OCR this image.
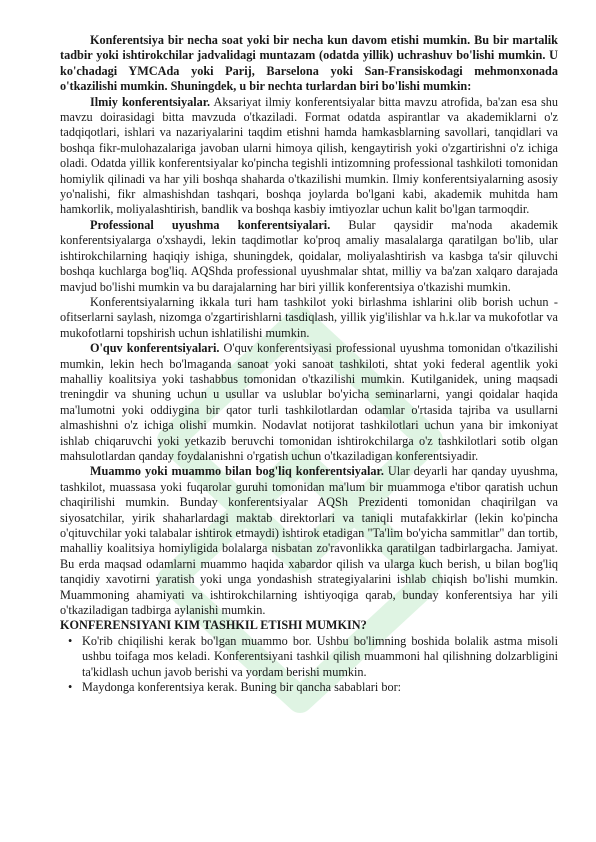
Konferentsiya bir necha soat yoki bir necha kun davom etishi mumkin. Bu bir martalik tadbir yoki ishtirokchilar jadvalidagi muntazam (odatda yillik) uchrashuv bo'lishi mumkin. U ko'chadagi YMCAda yoki Parij, Barselona yoki San-Fransiskodagi mehmonxonada o'tkazilishi mumkin. Shuningdek, u bir nechta turlardan biri bo'lishi mumkin:

Ilmiy konferentsiyalar. Aksariyat ilmiy konferentsiyalar bitta mavzu atrofida, ba'zan esa shu mavzu doirasidagi bitta mavzuda o'tkaziladi. Format odatda aspirantlar va akademiklarni o'z tadqiqotlari, ishlari va nazariyalarini taqdim etishni hamda hamkasblarning savollari, tanqidlari va boshqa fikr-mulohazalariga javoban ularni himoya qilish, kengaytirish yoki o'zgartirishni o'z ichiga oladi. Odatda yillik konferentsiyalar ko'pincha tegishli intizomning professional tashkiloti tomonidan homiylik qilinadi va har yili boshqa shaharda o'tkazilishi mumkin. Ilmiy konferentsiyalarning asosiy yo'nalishi, fikr almashishdan tashqari, boshqa joylarda bo'lgani kabi, akademik muhitda ham hamkorlik, moliyalashtirish, bandlik va boshqa kasbiy imtiyozlar uchun kalit bo'lgan tarmoqdir.

Professional uyushma konferentsiyalari. Bular qaysidir ma'noda akademik konferentsiyalarga o'xshaydi, lekin taqdimotlar ko'proq amaliy masalalarga qaratilgan bo'lib, ular ishtirokchilarning haqiqiy ishiga, shuningdek, qoidalar, moliyalashtirish va kasbga ta'sir qiluvchi boshqa kuchlarga bog'liq. AQShda professional uyushmalar shtat, milliy va ba'zan xalqaro darajada mavjud bo'lishi mumkin va bu darajalarning har biri yillik konferentsiya o'tkazishi mumkin.

Konferentsiyalarning ikkala turi ham tashkilot yoki birlashma ishlarini olib borish uchun - ofitserlarni saylash, nizomga o'zgartirishlarni tasdiqlash, yillik yig'ilishlar va h.k.lar va mukofotlar va mukofotlarni topshirish uchun ishlatilishi mumkin.

O'quv konferentsiyalari. O'quv konferentsiyasi professional uyushma tomonidan o'tkazilishi mumkin, lekin hech bo'lmaganda sanoat yoki sanoat tashkiloti, shtat yoki federal agentlik yoki mahalliy koalitsiya yoki tashabbus tomonidan o'tkazilishi mumkin. Kutilganidek, uning maqsadi treningdir va shuning uchun u usullar va uslublar bo'yicha seminarlarni, yangi qoidalar haqida ma'lumotni yoki oddiygina bir qator turli tashkilotlardan odamlar o'rtasida tajriba va usullarni almashishni o'z ichiga olishi mumkin. Nodavlat notijorat tashkilotlari uchun yana bir imkoniyat ishlab chiqaruvchi yoki yetkazib beruvchi tomonidan ishtirokchilarga o'z tashkilotlari sotib olgan mahsulotlardan qanday foydalanishni o'rgatish uchun o'tkaziladigan konferentsiyadir.

Muammo yoki muammo bilan bog'liq konferentsiyalar. Ular deyarli har qanday uyushma, tashkilot, muassasa yoki fuqarolar guruhi tomonidan ma'lum bir muammoga e'tibor qaratish uchun chaqirilishi mumkin. Bunday konferentsiyalar AQSh Prezidenti tomonidan chaqirilgan va siyosatchilar, yirik shaharlardagi maktab direktorlari va taniqli mutafakkirlar (lekin ko'pincha o'qituvchilar yoki talabalar ishtirok etmaydi) ishtirok etadigan "Ta'lim bo'yicha sammitlar" dan tortib, mahalliy koalitsiya homiyligida bolalarga nisbatan zo'ravonlikka qaratilgan tadbirlargacha. Jamiyat. Bu erda maqsad odamlarni muammo haqida xabardor qilish va ularga kuch berish, u bilan bog'liq tanqidiy xavotirni yaratish yoki unga yondashish strategiyalarini ishlab chiqish bo'lishi mumkin. Muammoning ahamiyati va ishtirokchilarning ishtiyoqiga qarab, bunday konferentsiya har yili o'tkaziladigan tadbirga aylanishi mumkin.

KONFERENSIYANI KIM TASHKIL ETISHI MUMKIN?
• Ko'rib chiqilishi kerak bo'lgan muammo bor. Ushbu bo'limning boshida bolalik astma misoli ushbu toifaga mos keladi. Konferentsiyani tashkil qilish muammoni hal qilishning dolzarbligini ta'kidlash uchun javob berishi va yordam berishi mumkin.
• Maydonga konferentsiya kerak. Buning bir qancha sabablari bor:
